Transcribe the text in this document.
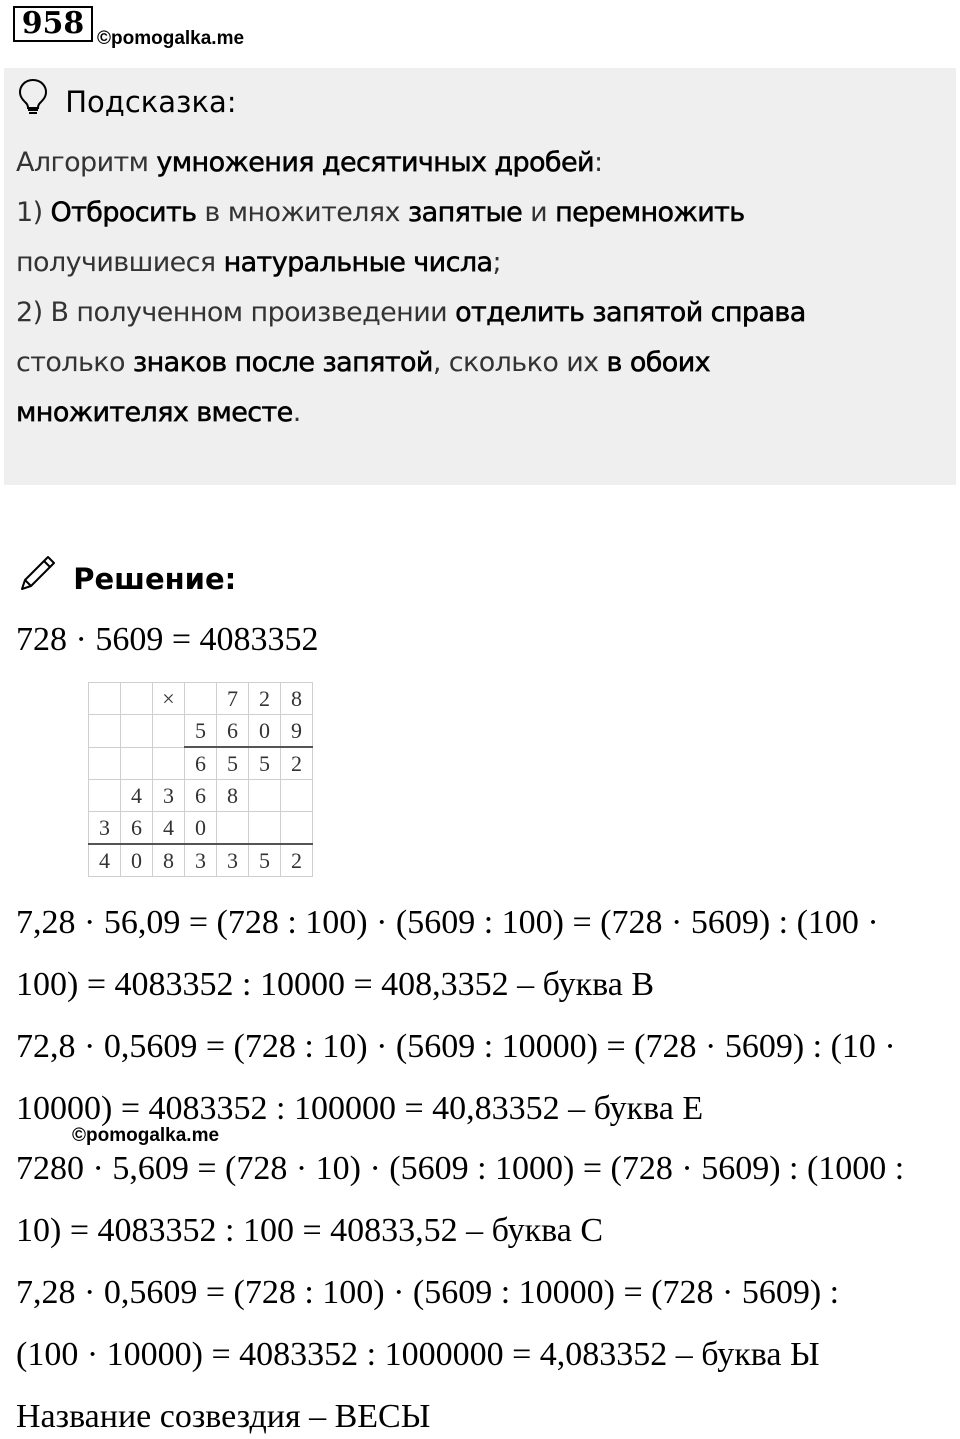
958 ©pomogalka.me
Подсказка:
Алгоритм умножения десятичных дробей:
1) Отбросить в множителях запятые и перемножить
получившиеся натуральные числа;
2) В полученном произведении отделить запятой справа
столько знаков после запятой, сколько их в обоих
множителях вместе.
Решение:
728 · 5609 = 4083352
		×		7	2	8
			5	6	0	9
			6	5	5	2
	4	3	6	8		
3	6	4	0			
4	0	8	3	3	5	2
7,28 · 56,09 = (728 : 100) · (5609 : 100) = (728 · 5609) : (100 ·
100) = 4083352 : 10000 = 408,3352 – буква В
72,8 · 0,5609 = (728 : 10) · (5609 : 10000) = (728 · 5609) : (10 ·
10000) = 4083352 : 100000 = 40,83352 – буква Е
©pomogalka.me
7280 · 5,609 = (728 · 10) · (5609 : 1000) = (728 · 5609) : (1000 :
10) = 4083352 : 100 = 40833,52 – буква С
7,28 · 0,5609 = (728 : 100) · (5609 : 10000) = (728 · 5609) :
(100 · 10000) = 4083352 : 1000000 = 4,083352 – буква Ы
Название созвездия – ВЕСЫ
